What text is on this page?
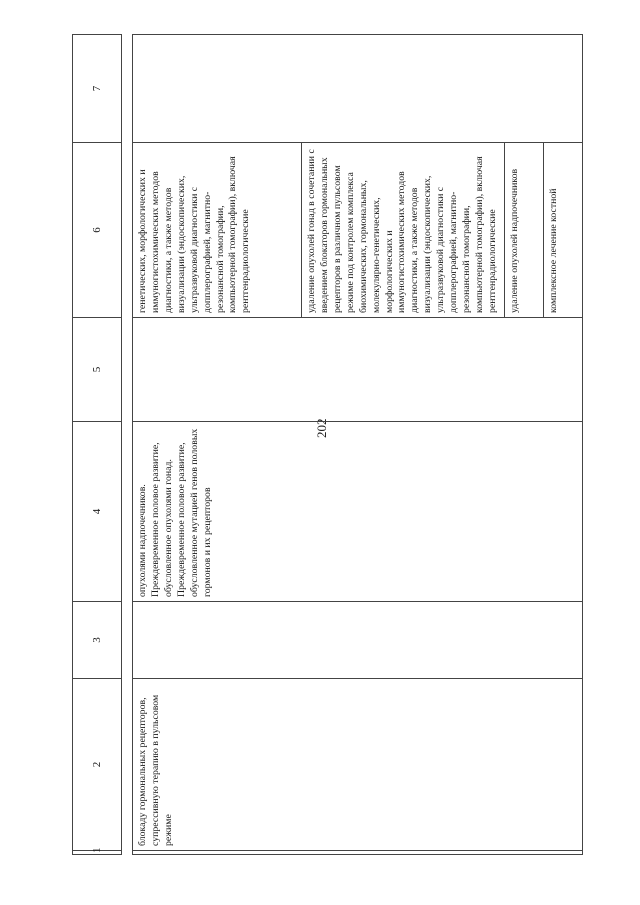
202
1	2	3	4	5	6	7

	блокаду гормональных рецепторов, супрессивную терапию в пульсовом режиме		опухолями надпочечников. Преждевременное половое развитие, обусловленное опухолями гонад. Преждевременное половое развитие, обусловленное мутацией генов половых гормонов и их рецепторов		генетических, морфологических и иммуногистохимических методов диагностики, а также методов визуализации (эндоскопических, ультразвуковой диагностики с допплерографией, магнитно-резонансной томографии, компьютерной томографии), включая рентгенрадиологические	

					удаление опухолей гонад в сочетании с введением блокаторов гормональных рецепторов в различном пульсовом режиме под контролем комплекса биохимических, гормональных, молекулярно-генетических, морфологических и иммуногистохимических методов диагностики, а также методов визуализации (эндоскопических, ультразвуковой диагностики с допплерографией, магнитно-резонансной томографии, компьютерной томографии), включая рентгенрадиологические	

					удаление опухолей надпочечников	

					комплексное лечение костной	
